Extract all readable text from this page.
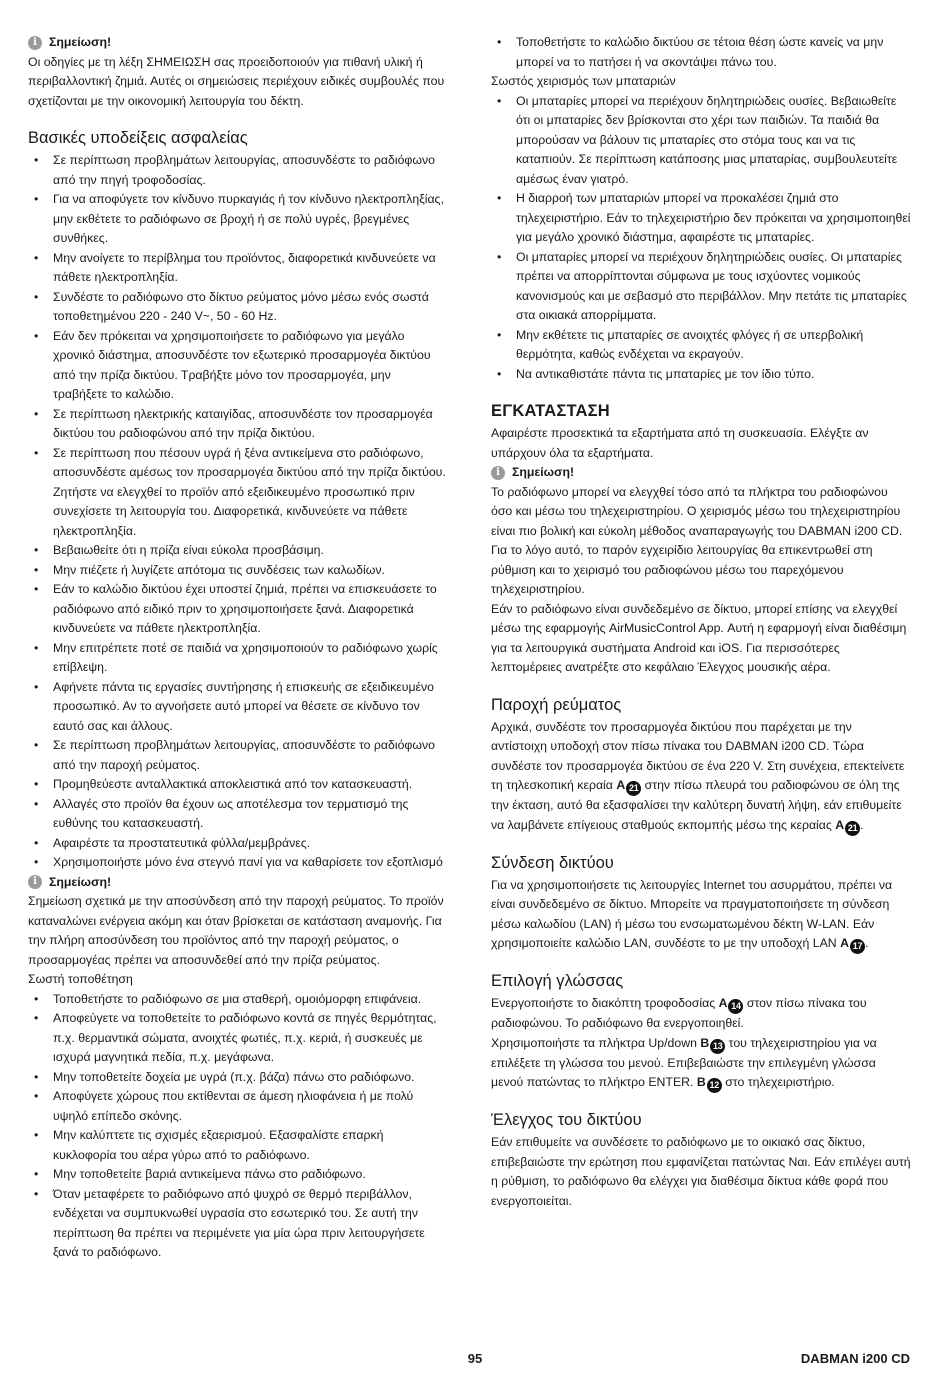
i Σημείωση!

Οι οδηγίες με τη λέξη ΣΗΜΕΙΩΣΗ σας προειδοποιούν για πιθανή υλική ή περιβαλλοντική ζημιά. Αυτές οι σημειώσεις περιέχουν ειδικές συμβουλές που σχετίζονται με την οικονομική λειτουργία του δέκτη.

Βασικές υποδείξεις ασφαλείας
• Σε περίπτωση προβλημάτων λειτουργίας, αποσυνδέστε το ραδιόφωνο από την πηγή τροφοδοσίας.
• Για να αποφύγετε τον κίνδυνο πυρκαγιάς ή τον κίνδυνο ηλεκτροπληξίας, μην εκθέτετε το ραδιόφωνο σε βροχή ή σε πολύ υγρές, βρεγμένες συνθήκες.
• Μην ανοίγετε το περίβλημα του προϊόντος, διαφορετικά κινδυνεύετε να πάθετε ηλεκτροπληξία.
• Συνδέστε το ραδιόφωνο στο δίκτυο ρεύματος μόνο μέσω ενός σωστά τοποθετημένου 220 - 240 V~, 50 - 60 Hz.
• Εάν δεν πρόκειται να χρησιμοποιήσετε το ραδιόφωνο για μεγάλο χρονικό διάστημα, αποσυνδέστε τον εξωτερικό προσαρμογέα δικτύου από την πρίζα δικτύου. Τραβήξτε μόνο τον προσαρμογέα, μην τραβήξετε το καλώδιο.
• Σε περίπτωση ηλεκτρικής καταιγίδας, αποσυνδέστε τον προσαρμογέα δικτύου του ραδιοφώνου από την πρίζα δικτύου.
• Σε περίπτωση που πέσουν υγρά ή ξένα αντικείμενα στο ραδιόφωνο, αποσυνδέστε αμέσως τον προσαρμογέα δικτύου από την πρίζα δικτύου. Ζητήστε να ελεγχθεί το προϊόν από εξειδικευμένο προσωπικό πριν συνεχίσετε τη λειτουργία του. Διαφορετικά, κινδυνεύετε να πάθετε ηλεκτροπληξία.
• Βεβαιωθείτε ότι η πρίζα είναι εύκολα προσβάσιμη.
• Μην πιέζετε ή λυγίζετε απότομα τις συνδέσεις των καλωδίων.
• Εάν το καλώδιο δικτύου έχει υποστεί ζημιά, πρέπει να επισκευάσετε το ραδιόφωνο από ειδικό πριν το χρησιμοποιήσετε ξανά. Διαφορετικά κινδυνεύετε να πάθετε ηλεκτροπληξία.
• Μην επιτρέπετε ποτέ σε παιδιά να χρησιμοποιούν το ραδιόφωνο χωρίς επίβλεψη.
• Αφήνετε πάντα τις εργασίες συντήρησης ή επισκευής σε εξειδικευμένο προσωπικό. Αν το αγνοήσετε αυτό μπορεί να θέσετε σε κίνδυνο τον εαυτό σας και άλλους.
• Σε περίπτωση προβλημάτων λειτουργίας, αποσυνδέστε το ραδιόφωνο από την παροχή ρεύματος.
• Προμηθεύεστε ανταλλακτικά αποκλειστικά από τον κατασκευαστή.
• Αλλαγές στο προϊόν θα έχουν ως αποτέλεσμα τον τερματισμό της ευθύνης του κατασκευαστή.
• Αφαιρέστε τα προστατευτικά φύλλα/μεμβράνες.
• Χρησιμοποιήστε μόνο ένα στεγνό πανί για να καθαρίσετε τον εξοπλισμό
i Σημείωση!

Σημείωση σχετικά με την αποσύνδεση από την παροχή ρεύματος. Το προϊόν καταναλώνει ενέργεια ακόμη και όταν βρίσκεται σε κατάσταση αναμονής. Για την πλήρη αποσύνδεση του προϊόντος από την παροχή ρεύματος, ο προσαρμογέας πρέπει να αποσυνδεθεί από την πρίζα ρεύματος.

Σωστή τοποθέτηση

• Τοποθετήστε το ραδιόφωνο σε μια σταθερή, ομοιόμορφη επιφάνεια.
• Αποφεύγετε να τοποθετείτε το ραδιόφωνο κοντά σε πηγές θερμότητας, π.χ. θερμαντικά σώματα, ανοιχτές φωτιές, π.χ. κεριά, ή συσκευές με ισχυρά μαγνητικά πεδία, π.χ. μεγάφωνα.
• Μην τοποθετείτε δοχεία με υγρά (π.χ. βάζα) πάνω στο ραδιόφωνο.
• Αποφύγετε χώρους που εκτίθενται σε άμεση ηλιοφάνεια ή με πολύ υψηλό επίπεδο σκόνης.
• Μην καλύπτετε τις σχισμές εξαερισμού. Εξασφαλίστε επαρκή κυκλοφορία του αέρα γύρω από το ραδιόφωνο.
• Μην τοποθετείτε βαριά αντικείμενα πάνω στο ραδιόφωνο.
• Όταν μεταφέρετε το ραδιόφωνο από ψυχρό σε θερμό περιβάλλον, ενδέχεται να συμπυκνωθεί υγρασία στο εσωτερικό του. Σε αυτή την περίπτωση θα πρέπει να περιμένετε για μία ώρα πριν λειτουργήσετε ξανά το ραδιόφωνο.
• Τοποθετήστε το καλώδιο δικτύου σε τέτοια θέση ώστε κανείς να μην μπορεί να το πατήσει ή να σκοντάψει πάνω του.

Σωστός χειρισμός των μπαταριών

• Οι μπαταρίες μπορεί να περιέχουν δηλητηριώδεις ουσίες. Βεβαιωθείτε ότι οι μπαταρίες δεν βρίσκονται στο χέρι των παιδιών. Τα παιδιά θα μπορούσαν να βάλουν τις μπαταρίες στο στόμα τους και να τις καταπιούν. Σε περίπτωση κατάποσης μιας μπαταρίας, συμβουλευτείτε αμέσως έναν γιατρό.
• Η διαρροή των μπαταριών μπορεί να προκαλέσει ζημιά στο τηλεχειριστήριο. Εάν το τηλεχειριστήριο δεν πρόκειται να χρησιμοποιηθεί για μεγάλο χρονικό διάστημα, αφαιρέστε τις μπαταρίες.
• Οι μπαταρίες μπορεί να περιέχουν δηλητηριώδεις ουσίες. Οι μπαταρίες πρέπει να απορρίπτονται σύμφωνα με τους ισχύοντες νομικούς κανονισμούς και με σεβασμό στο περιβάλλον. Μην πετάτε τις μπαταρίες στα οικιακά απορρίμματα.
• Μην εκθέτετε τις μπαταρίες σε ανοιχτές φλόγες ή σε υπερβολική θερμότητα, καθώς ενδέχεται να εκραγούν.
• Να αντικαθιστάτε πάντα τις μπαταρίες με τον ίδιο τύπο.
ΕΓΚΑΤΑΣΤΑΣΗ

Αφαιρέστε προσεκτικά τα εξαρτήματα από τη συσκευασία. Ελέγξτε αν υπάρχουν όλα τα εξαρτήματα.

i Σημείωση!

Το ραδιόφωνο μπορεί να ελεγχθεί τόσο από τα πλήκτρα του ραδιοφώνου όσο και μέσω του τηλεχειριστηρίου. Ο χειρισμός μέσω του τηλεχειριστηρίου είναι πιο βολική και εύκολη μέθοδος αναπαραγωγής του DABMAN i200 CD. Για το λόγο αυτό, το παρόν εγχειρίδιο λειτουργίας θα επικεντρωθεί στη ρύθμιση και το χειρισμό του ραδιοφώνου μέσω του παρεχόμενου τηλεχειριστηρίου.

Εάν το ραδιόφωνο είναι συνδεδεμένο σε δίκτυο, μπορεί επίσης να ελεγχθεί μέσω της εφαρμογής AirMusicControl App. Αυτή η εφαρμογή είναι διαθέσιμη για τα λειτουργικά συστήματα Android και iOS. Για περισσότερες λεπτομέρειες ανατρέξτε στο κεφάλαιο Έλεγχος μουσικής αέρα.

Παροχή ρεύματος

Αρχικά, συνδέστε τον προσαρμογέα δικτύου που παρέχεται με την αντίστοιχη υποδοχή στον πίσω πίνακα του DABMAN i200 CD. Τώρα συνδέστε τον προσαρμογέα δικτύου σε ένα 220 V. Στη συνέχεια, επεκτείνετε τη τηλεσκοπική κεραία A 21 στην πίσω πλευρά του ραδιοφώνου σε όλη της την έκταση, αυτό θα εξασφαλίσει την καλύτερη δυνατή λήψη, εάν επιθυμείτε να λαμβάνετε επίγειους σταθμούς εκπομπής μέσω της κεραίας A 21 .

Σύνδεση δικτύου

Για να χρησιμοποιήσετε τις λειτουργίες Internet του ασυρμάτου, πρέπει να είναι συνδεδεμένο σε δίκτυο. Μπορείτε να πραγματοποιήσετε τη σύνδεση μέσω καλωδίου (LAN) ή μέσω του ενσωματωμένου δέκτη W-LAN. Εάν χρησιμοποιείτε καλώδιο LAN, συνδέστε το με την υποδοχή LAN A 17 .

Επιλογή γλώσσας

Ενεργοποιήστε το διακόπτη τροφοδοσίας A 14 στον πίσω πίνακα του ραδιοφώνου. Το ραδιόφωνο θα ενεργοποιηθεί.

Χρησιμοποιήστε τα πλήκτρα Up/down B 13 του τηλεχειριστηρίου για να επιλέξετε τη γλώσσα του μενού. Επιβεβαιώστε την επιλεγμένη γλώσσα μενού πατώντας το πλήκτρο ENTER. B 12 στο τηλεχειριστήριο.

Έλεγχος του δικτύου

Εάν επιθυμείτε να συνδέσετε το ραδιόφωνο με το οικιακό σας δίκτυο, επιβεβαιώστε την ερώτηση που εμφανίζεται πατώντας Ναι. Εάν επιλέγει αυτή η ρύθμιση, το ραδιόφωνο θα ελέγχει για διαθέσιμα δίκτυα κάθε φορά που ενεργοποιείται.

95	DABMAN i200 CD
